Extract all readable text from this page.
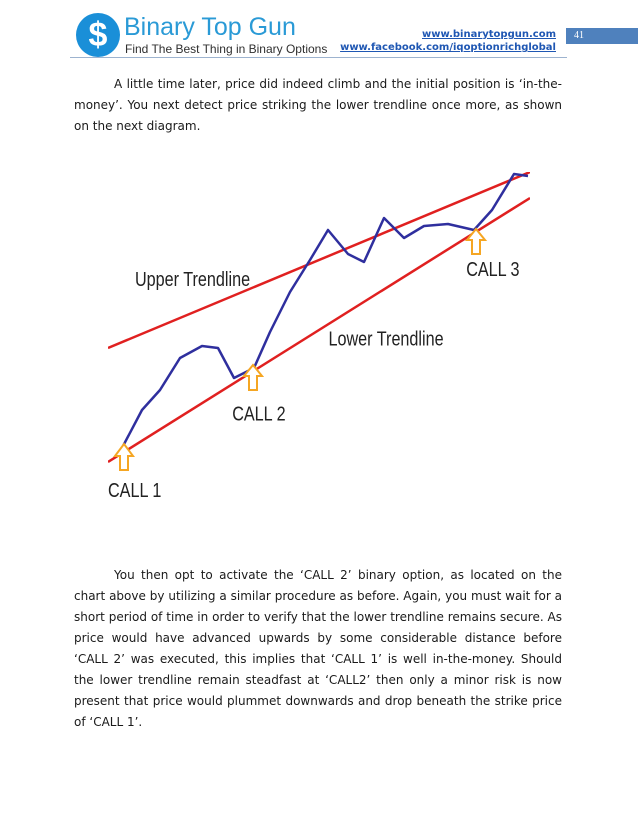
$ Binary Top Gun
Find The Best Thing in Binary Options
www.binarytopgun.com
www.facebook.com/iqoptionrichglobal
41

A little time later, price did indeed climb and the initial position is ‘in-the-money’. You next detect price striking the lower trendline once more, as shown on the next diagram.

Upper Trendline
Lower Trendline
CALL 1
CALL 2
CALL 3

You then opt to activate the ‘CALL 2’ binary option, as located on the chart above by utilizing a similar procedure as before. Again, you must wait for a short period of time in order to verify that the lower trendline remains secure. As price would have advanced upwards by some considerable distance before ‘CALL 2’ was executed, this implies that ‘CALL 1’ is well in-the-money. Should the lower trendline remain steadfast at ‘CALL2’ then only a minor risk is now present that price would plummet downwards and drop beneath the strike price of ‘CALL 1’.
